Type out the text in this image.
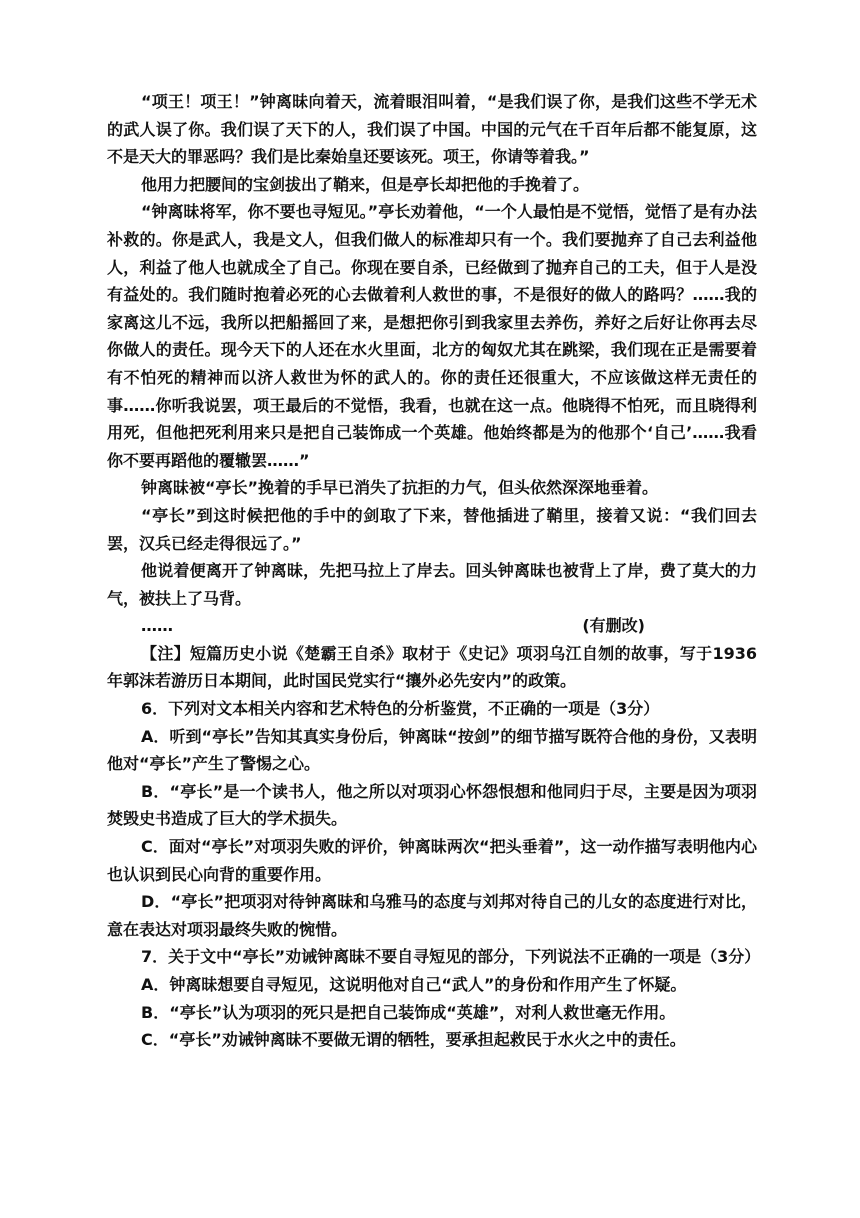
“项王！项王！”钟离昧向着天，流着眼泪叫着，“是我们误了你，是我们这些不学无术的武人误了你。我们误了天下的人，我们误了中国。中国的元气在千百年后都不能复原，这不是天大的罪恶吗？我们是比秦始皇还要该死。项王，你请等着我。”

他用力把腰间的宝剑拔出了鞘来，但是亭长却把他的手挽着了。

“钟离昧将军，你不要也寻短见。”亭长劝着他，“一个人最怕是不觉悟，觉悟了是有办法补救的。你是武人，我是文人，但我们做人的标准却只有一个。我们要抛弃了自己去利益他人，利益了他人也就成全了自己。你现在要自杀，已经做到了抛弃自己的工夫，但于人是没有益处的。我们随时抱着必死的心去做着利人救世的事，不是很好的做人的路吗？……我的家离这儿不远，我所以把船摇回了来，是想把你引到我家里去养伤，养好之后好让你再去尽你做人的责任。现今天下的人还在水火里面，北方的匈奴尤其在跳梁，我们现在正是需要着有不怕死的精神而以济人救世为怀的武人的。你的责任还很重大，不应该做这样无责任的事……你听我说罢，项王最后的不觉悟，我看，也就在这一点。他晓得不怕死，而且晓得利用死，但他把死利用来只是把自己装饰成一个英雄。他始终都是为的他那个‘自己’……我看你不要再蹈他的覆辙罢……”

钟离昧被“亭长”挽着的手早已消失了抗拒的力气，但头依然深深地垂着。

“亭长”到这时候把他的手中的剑取了下来，替他插进了鞘里，接着又说：“我们回去罢，汉兵已经走得很远了。”

他说着便离开了钟离昧，先把马拉上了岸去。回头钟离昧也被背上了岸，费了莫大的力气，被扶上了马背。

……	(有删改)

【注】短篇历史小说《楚霸王自杀》取材于《史记》项羽乌江自刎的故事，写于1936年郭沫若游历日本期间，此时国民党实行“攘外必先安内”的政策。

6．下列对文本相关内容和艺术特色的分析鉴赏，不正确的一项是（3分）

A．听到“亭长”告知其真实身份后，钟离昧“按剑”的细节描写既符合他的身份，又表明他对“亭长”产生了警惕之心。

B．“亭长”是一个读书人，他之所以对项羽心怀怨恨想和他同归于尽，主要是因为项羽焚毁史书造成了巨大的学术损失。

C．面对“亭长”对项羽失败的评价，钟离昧两次“把头垂着”，这一动作描写表明他内心也认识到民心向背的重要作用。

D．“亭长”把项羽对待钟离昧和乌雅马的态度与刘邦对待自己的儿女的态度进行对比，意在表达对项羽最终失败的惋惜。

7．关于文中“亭长”劝诫钟离昧不要自寻短见的部分，下列说法不正确的一项是（3分）

A．钟离昧想要自寻短见，这说明他对自己“武人”的身份和作用产生了怀疑。

B．“亭长”认为项羽的死只是把自己装饰成“英雄”，对利人救世毫无作用。

C．“亭长”劝诫钟离昧不要做无谓的牺牲，要承担起救民于水火之中的责任。
